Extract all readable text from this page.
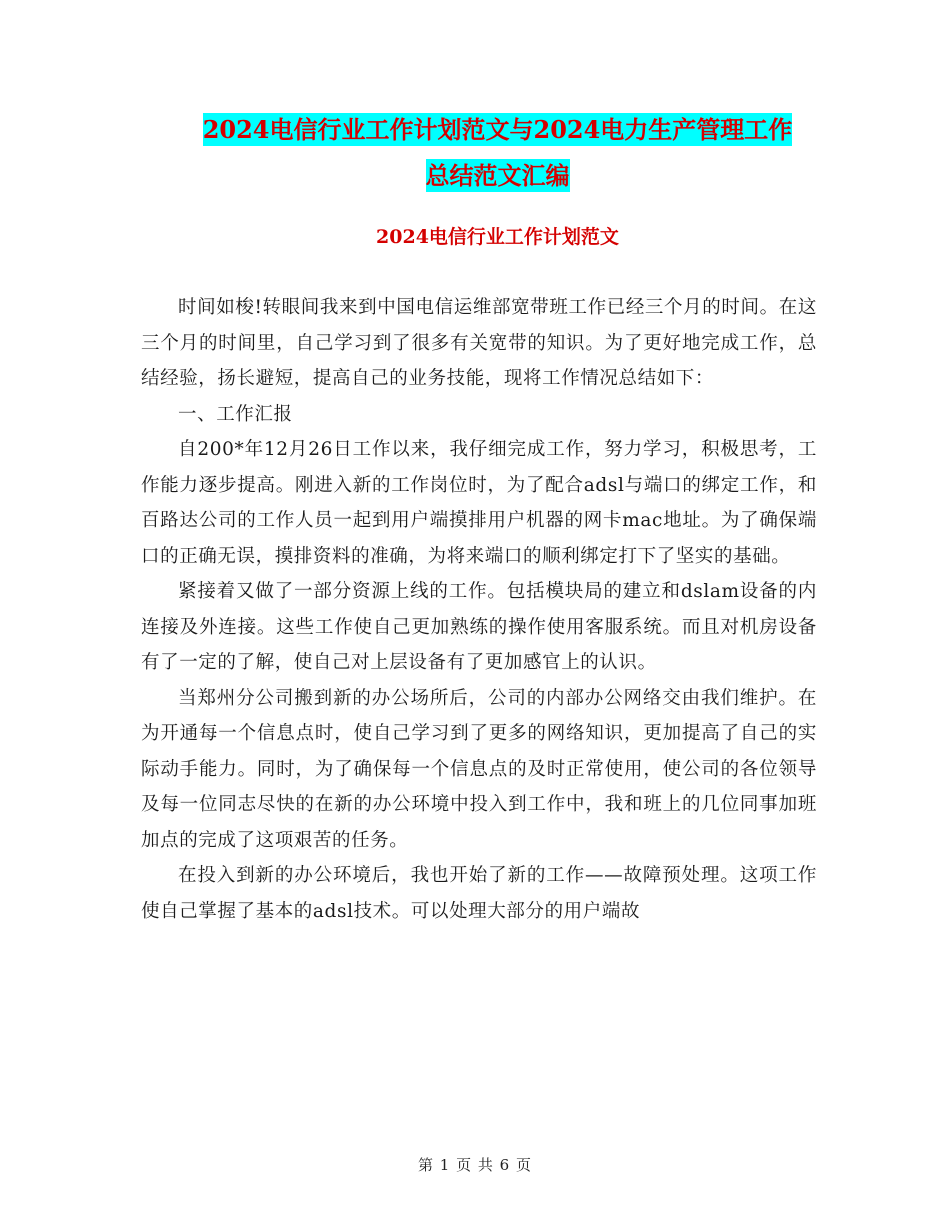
2024电信行业工作计划范文与2024电力生产管理工作
总结范文汇编
2024电信行业工作计划范文

时间如梭!转眼间我来到中国电信运维部宽带班工作已经三个月的时间。在这三个月的时间里，自己学习到了很多有关宽带的知识。为了更好地完成工作，总结经验，扬长避短，提高自己的业务技能，现将工作情况总结如下：

一、工作汇报

自200*年12月26日工作以来，我仔细完成工作，努力学习，积极思考，工作能力逐步提高。刚进入新的工作岗位时，为了配合adsl与端口的绑定工作，和百路达公司的工作人员一起到用户端摸排用户机器的网卡mac地址。为了确保端口的正确无误，摸排资料的准确，为将来端口的顺利绑定打下了坚实的基础。

紧接着又做了一部分资源上线的工作。包括模块局的建立和dslam设备的内连接及外连接。这些工作使自己更加熟练的操作使用客服系统。而且对机房设备有了一定的了解，使自己对上层设备有了更加感官上的认识。

当郑州分公司搬到新的办公场所后，公司的内部办公网络交由我们维护。在为开通每一个信息点时，使自己学习到了更多的网络知识，更加提高了自己的实际动手能力。同时，为了确保每一个信息点的及时正常使用，使公司的各位领导及每一位同志尽快的在新的办公环境中投入到工作中，我和班上的几位同事加班加点的完成了这项艰苦的任务。

在投入到新的办公环境后，我也开始了新的工作——故障预处理。这项工作使自己掌握了基本的adsl技术。可以处理大部分的用户端故

第 1 页 共 6 页
